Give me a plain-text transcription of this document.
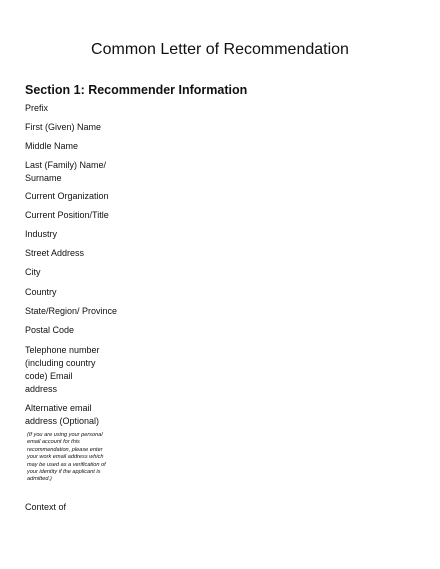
Common Letter of Recommendation
Section 1: Recommender Information
Prefix
First (Given) Name
Middle Name
Last (Family) Name/ Surname
Current Organization
Current Position/Title
Industry
Street Address
City
Country
State/Region/ Province
Postal Code
Telephone number (including country code) Email address
Alternative email address (Optional)
Context of
(If you are using your personal email account for this recommendation, please enter your work email address which may be used as a verification of your identity if the applicant is admitted.)
